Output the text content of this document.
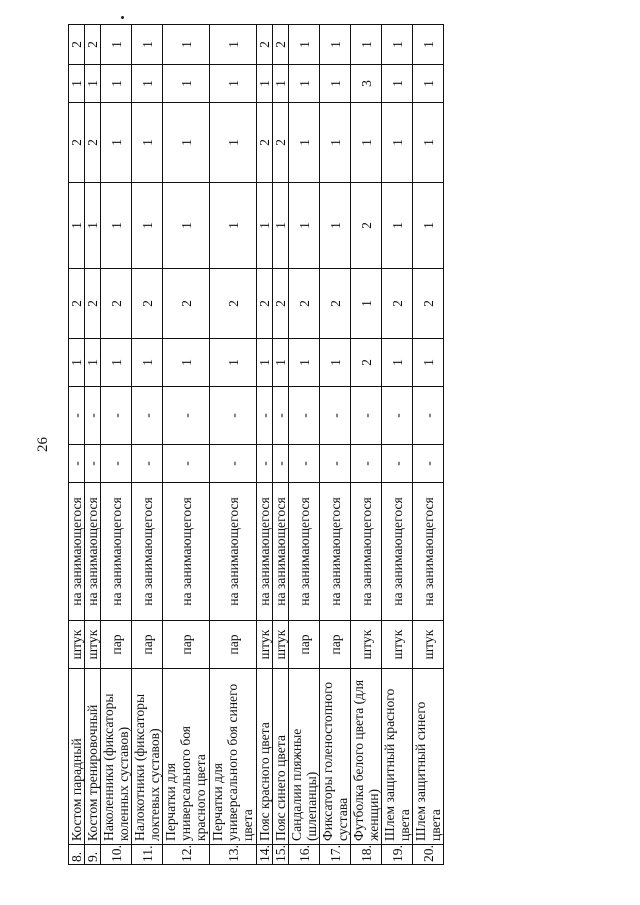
26
8.	Костом парадный	штук	на занимающегося	-	-	1	2	1	2	1	2
9.	Костом тренировочный	штук	на занимающегося	-	-	1	2	1	2	1	2
10.	Наколенники (фиксаторы коленных суставов)	пар	на занимающегося	-	-	1	2	1	1	1	1
11.	Налокотники (фиксаторы локтевых суставов)	пар	на занимающегося	-	-	1	2	1	1	1	1
12.	Перчатки для универсального боя красного цвета	пар	на занимающегося	-	-	1	2	1	1	1	1
13.	Перчатки для универсального боя синего цвета	пар	на занимающегося	-	-	1	2	1	1	1	1
14.	Пояс красного цвета	штук	на занимающегося	-	-	1	2	1	2	1	2
15.	Пояс синего цвета	штук	на занимающегося	-	-	1	2	1	2	1	2
16.	Сандалии пляжные (шлепанцы)	пар	на занимающегося	-	-	1	2	1	1	1	1
17.	Фиксаторы голеностопного сустава	пар	на занимающегося	-	-	1	2	1	1	1	1
18.	Футболка белого цвета (для женщин)	штук	на занимающегося	-	-	2	1	2	1	3	1
19.	Шлем защитный красного цвета	штук	на занимающегося	-	-	1	2	1	1	1	1
20.	Шлем защитный синего цвета	штук	на занимающегося	-	-	1	2	1	1	1	1
